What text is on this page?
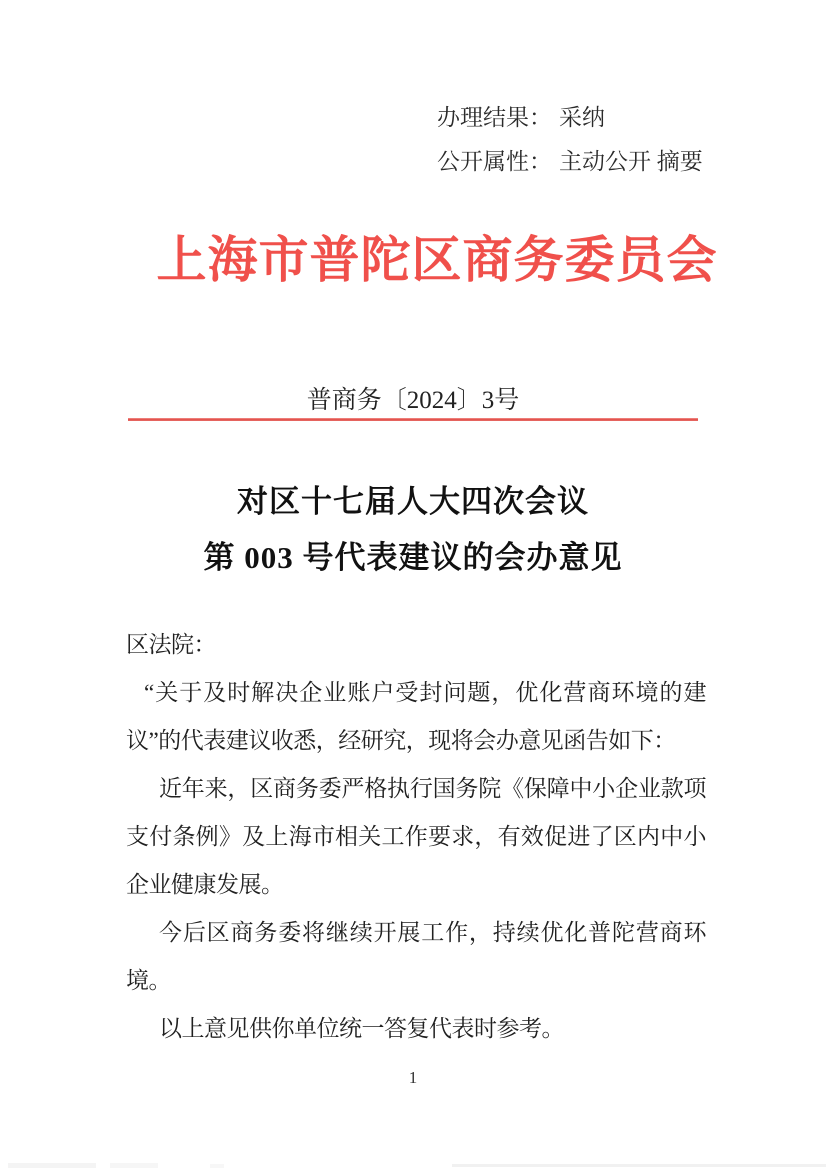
办理结果： 采纳
公开属性： 主动公开 摘要
上海市普陀区商务委员会
普商务〔2024〕3号
对区十七届人大四次会议
第 003 号代表建议的会办意见

区法院：

“关于及时解决企业账户受封问题，优化营商环境的建议”的代表建议收悉，经研究，现将会办意见函告如下：

近年来，区商务委严格执行国务院《保障中小企业款项支付条例》及上海市相关工作要求，有效促进了区内中小企业健康发展。

今后区商务委将继续开展工作，持续优化普陀营商环境。

以上意见供你单位统一答复代表时参考。

1
